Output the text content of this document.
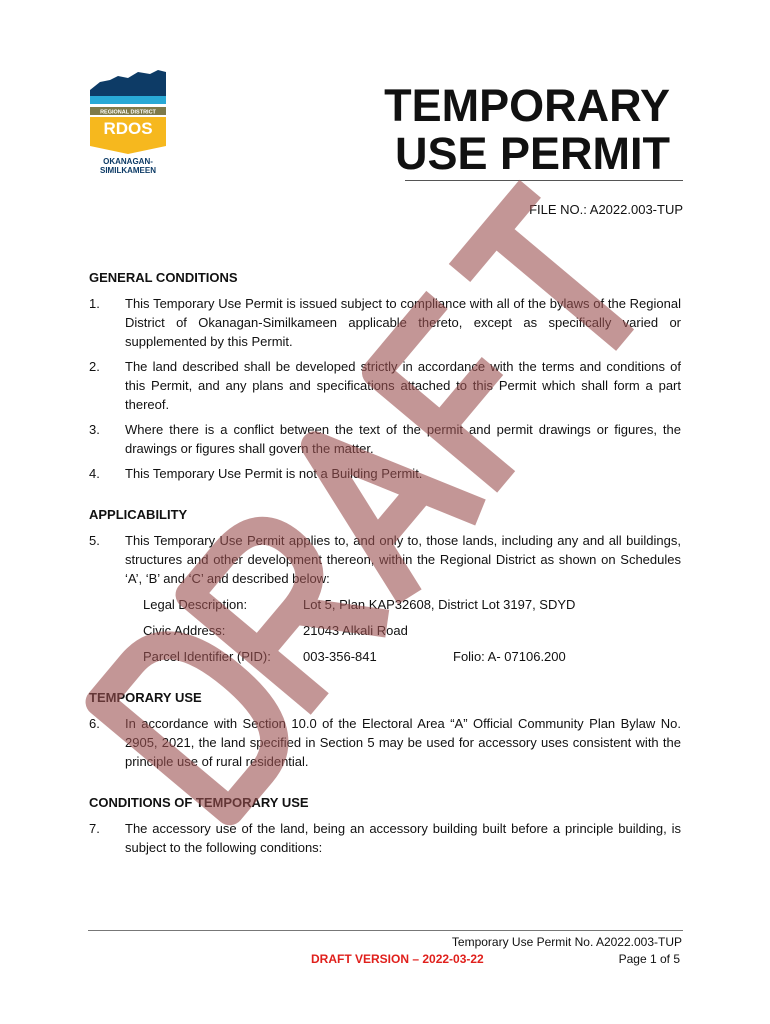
REGIONAL DISTRICT
RDOS
OKANAGAN-
SIMILKAMEEN
TEMPORARY
USE PERMIT
FILE NO.: A2022.003-TUP
GENERAL CONDITIONS
1. This Temporary Use Permit is issued subject to compliance with all of the bylaws of the Regional District of Okanagan-Similkameen applicable thereto, except as specifically varied or supplemented by this Permit.
2. The land described shall be developed strictly in accordance with the terms and conditions of this Permit, and any plans and specifications attached to this Permit which shall form a part thereof.
3. Where there is a conflict between the text of the permit and permit drawings or figures, the drawings or figures shall govern the matter.
4. This Temporary Use Permit is not a Building Permit.
APPLICABILITY
5. This Temporary Use Permit applies to, and only to, those lands, including any and all buildings, structures and other development thereon, within the Regional District as shown on Schedules ‘A’, ‘B’ and ‘C’ and described below:
Legal Description:	Lot 5, Plan KAP32608, District Lot 3197, SDYD
Civic Address:	21043 Alkali Road
Parcel Identifier (PID):	003-356-841	Folio: A- 07106.200
TEMPORARY USE
6. In accordance with Section 10.0 of the Electoral Area “A” Official Community Plan Bylaw No. 2905, 2021, the land specified in Section 5 may be used for accessory uses consistent with the principle use of rural residential.
CONDITIONS OF TEMPORARY USE
7. The accessory use of the land, being an accessory building built before a principle building, is subject to the following conditions:
Temporary Use Permit No. A2022.003-TUP
DRAFT VERSION – 2022-03-22	Page 1 of 5
